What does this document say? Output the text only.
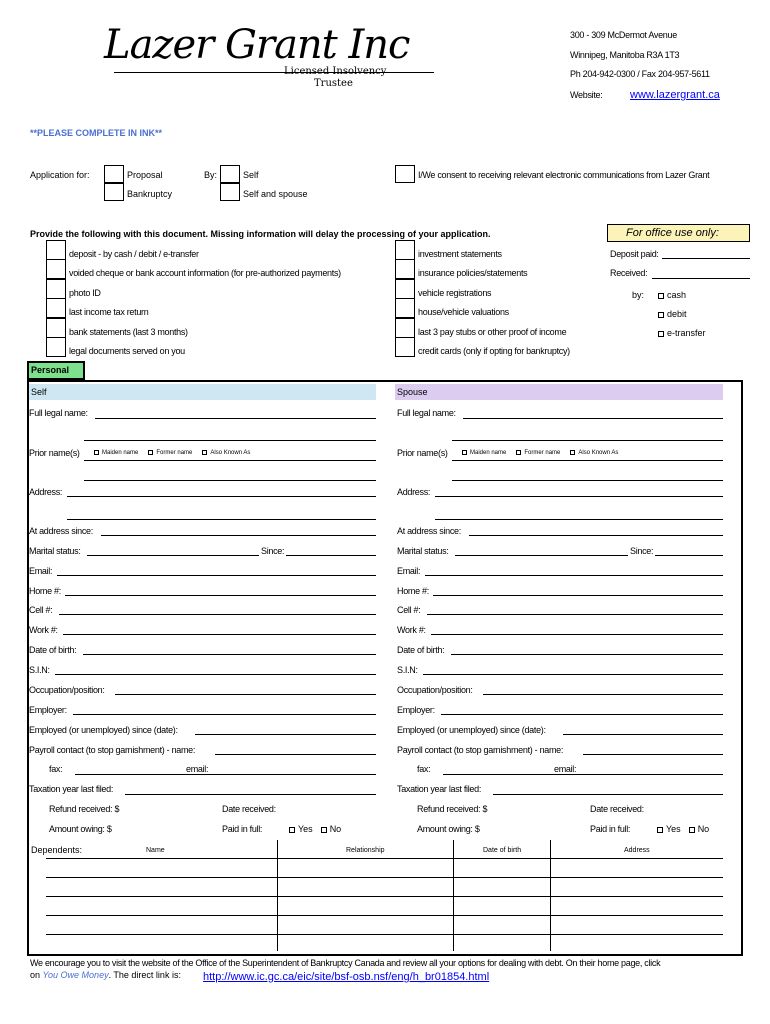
Lazer Grant Inc
Licensed Insolvency
Trustee
300 - 309 McDermot Avenue
Winnipeg, Manitoba R3A 1T3
Ph 204-942-0300 / Fax 204-957-5611
Website:	www.lazergrant.ca
**PLEASE COMPLETE IN INK**
Application for:	Proposal
Bankruptcy
By:	Self
Self and spouse
I/We consent to receiving relevant electronic communications from Lazer Grant
Provide the following with this document. Missing information will delay the processing of your application.
deposit - by cash / debit / e-transfer
voided cheque or bank account information (for pre-authorized payments)
photo ID
last income tax return
bank statements (last 3 months)
legal documents served on you
investment statements
insurance policies/statements
vehicle registrations
house/vehicle valuations
last 3 pay stubs or other proof of income
credit cards (only if opting for bankruptcy)
For office use only:
Deposit paid:
Received:
by:	cash
debit
e-transfer
Personal
Self	Spouse
Full legal name:
Prior name(s)	Maiden name	Former name	Also Known As
Address:
At address since:
Marital status:	Since:
Email:
Home #:
Cell #:
Work #:
Date of birth:
S.I.N:
Occupation/position:
Employer:
Employed (or unemployed) since (date):
Payroll contact (to stop garnishment) - name:
fax:	email:
Taxation year last filed:
Refund received: $	Date received:
Amount owing: $	Paid in full:	Yes No
Full legal name:
Prior name(s)	Maiden name	Former name	Also Known As
Address:
At address since:
Marital status:	Since:
Email:
Home #:
Cell #:
Work #:
Date of birth:
S.I.N:
Occupation/position:
Employer:
Employed (or unemployed) since (date):
Payroll contact (to stop garnishment) - name:
fax:	email:
Taxation year last filed:
Refund received: $	Date received:
Amount owing: $	Paid in full:	Yes No
Dependents:	Name	Relationship	Date of birth	Address
We encourage you to visit the website of the Office of the Superintendent of Bankruptcy Canada and review all your options for dealing with debt. On their home page, click
on You Owe Money. The direct link is: http://www.ic.gc.ca/eic/site/bsf-osb.nsf/eng/h_br01854.html
